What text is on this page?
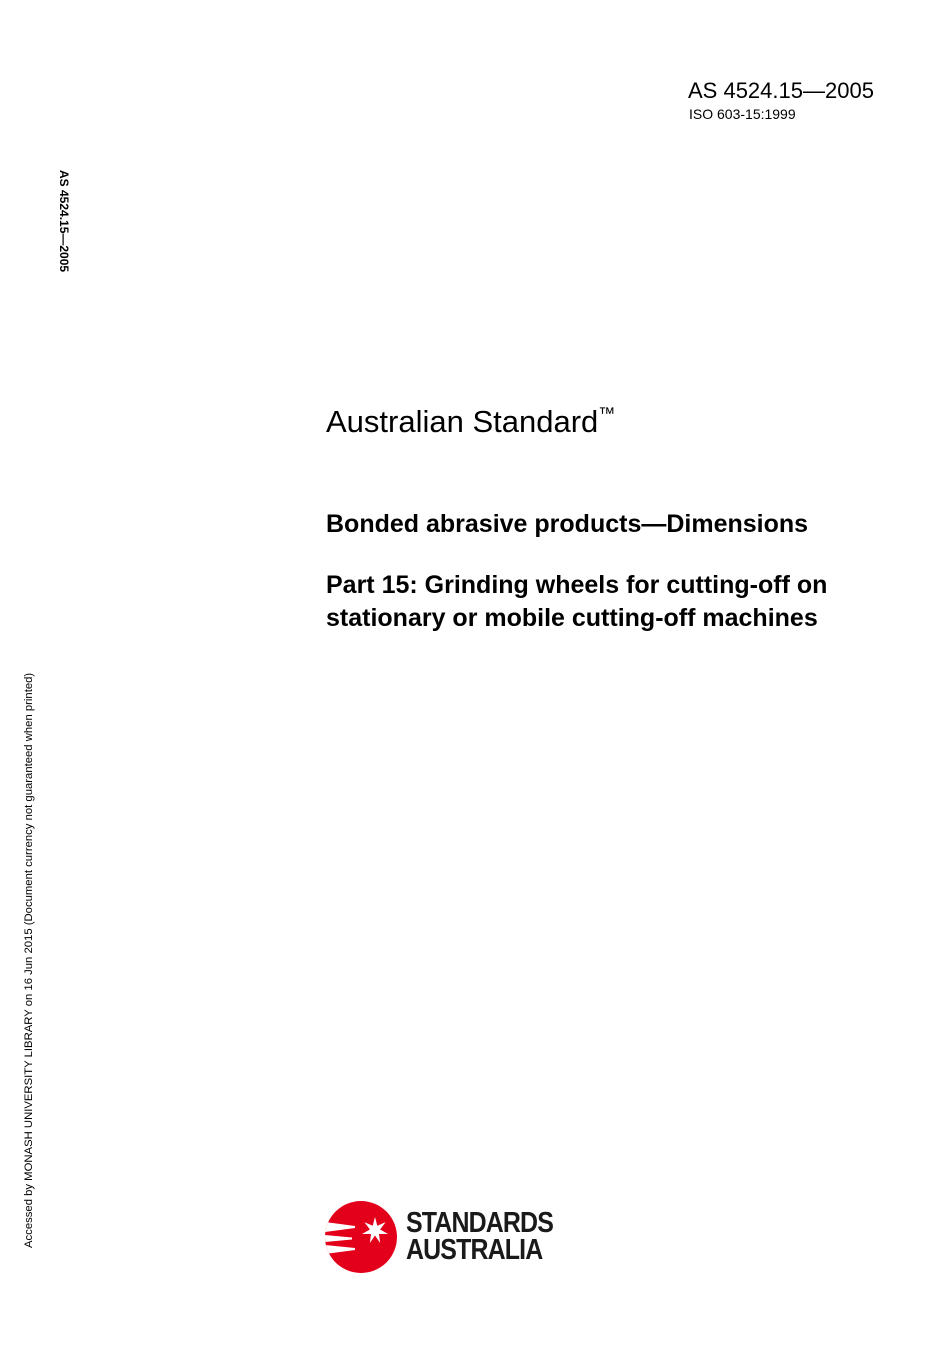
AS 4524.15—2005
ISO 603-15:1999
AS 4524.15—2005
Accessed by MONASH UNIVERSITY LIBRARY on 16 Jun 2015 (Document currency not guaranteed when printed)
Australian Standard™
Bonded abrasive products—Dimensions
Part 15: Grinding wheels for cutting-off on stationary or mobile cutting-off machines
STANDARDS
AUSTRALIA
